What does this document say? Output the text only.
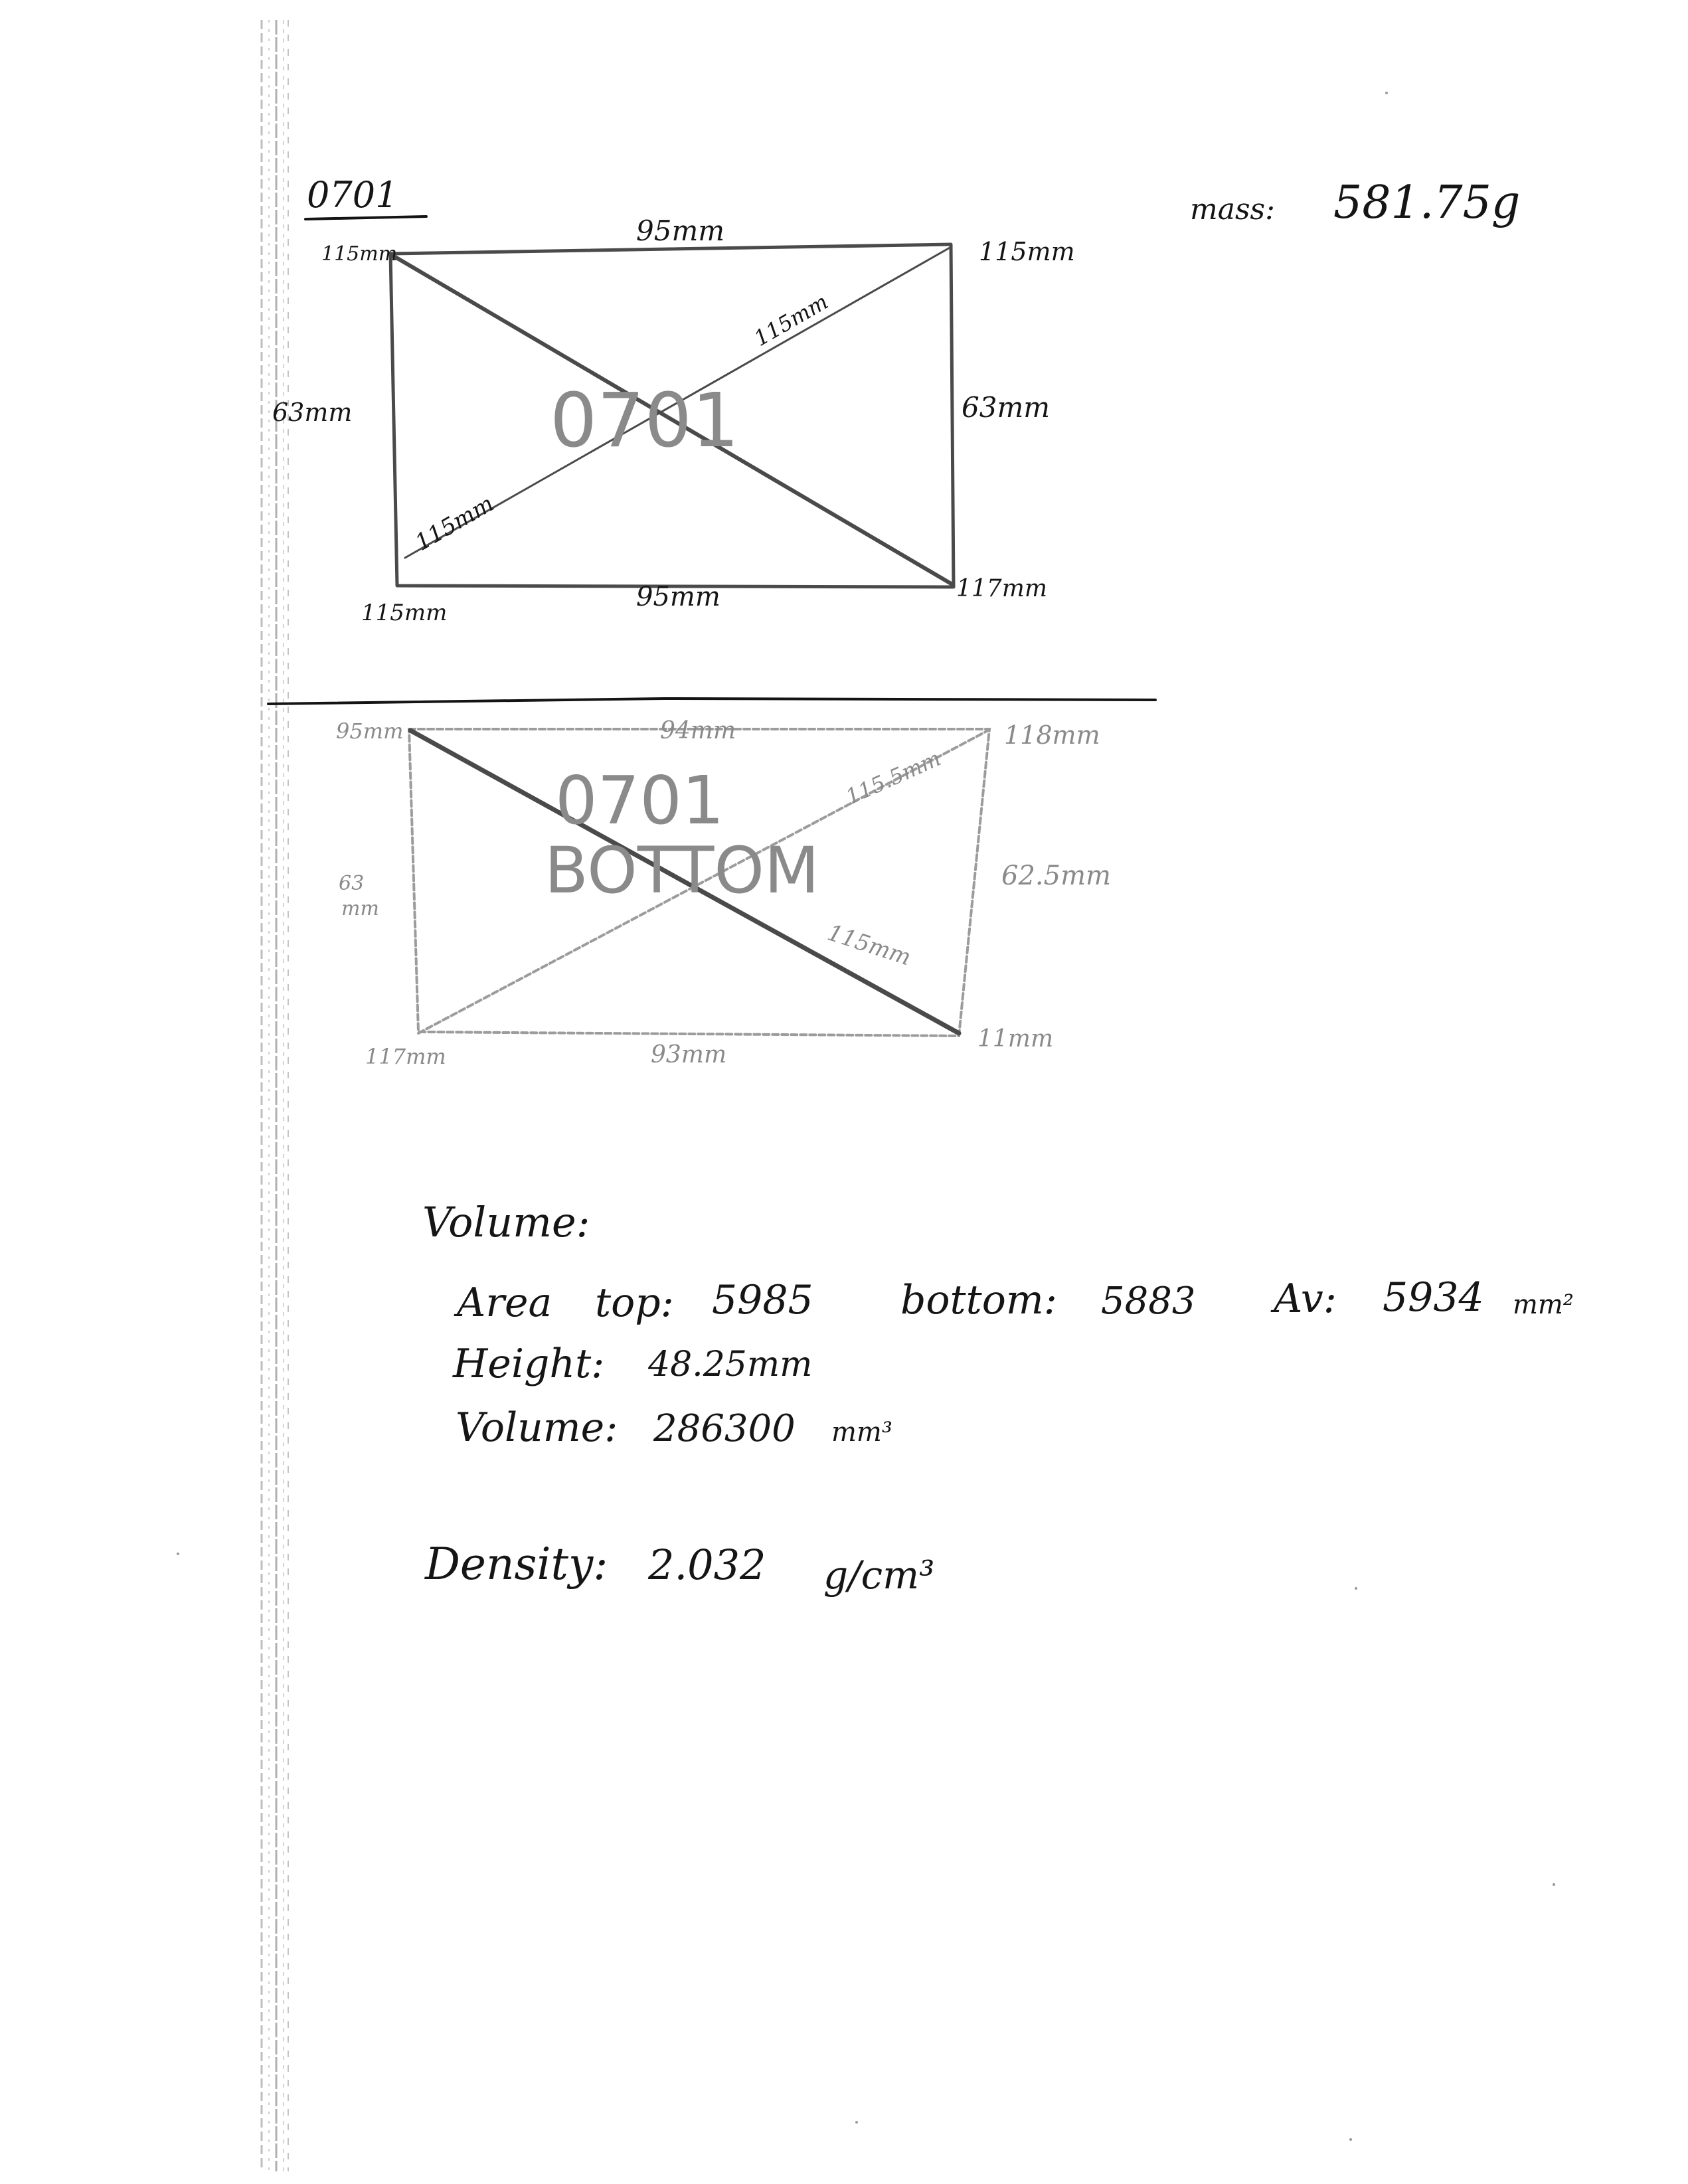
0701	mass: 581.75g
0701
95mm
95mm
63mm	63mm
115mm	115mm
115mm
117mm
115mm
115mm
0701
BOTTOM
94mm
93mm
63
mm
62.5mm
95mm	118mm
117mm
11mm
115.5mm
115mm
Volume:
Area top: 5985 bottom: 5883 Av: 5934 mm²
Height: 48.25mm
Volume: 286300 mm³
Density: 2.032 g/cm³
